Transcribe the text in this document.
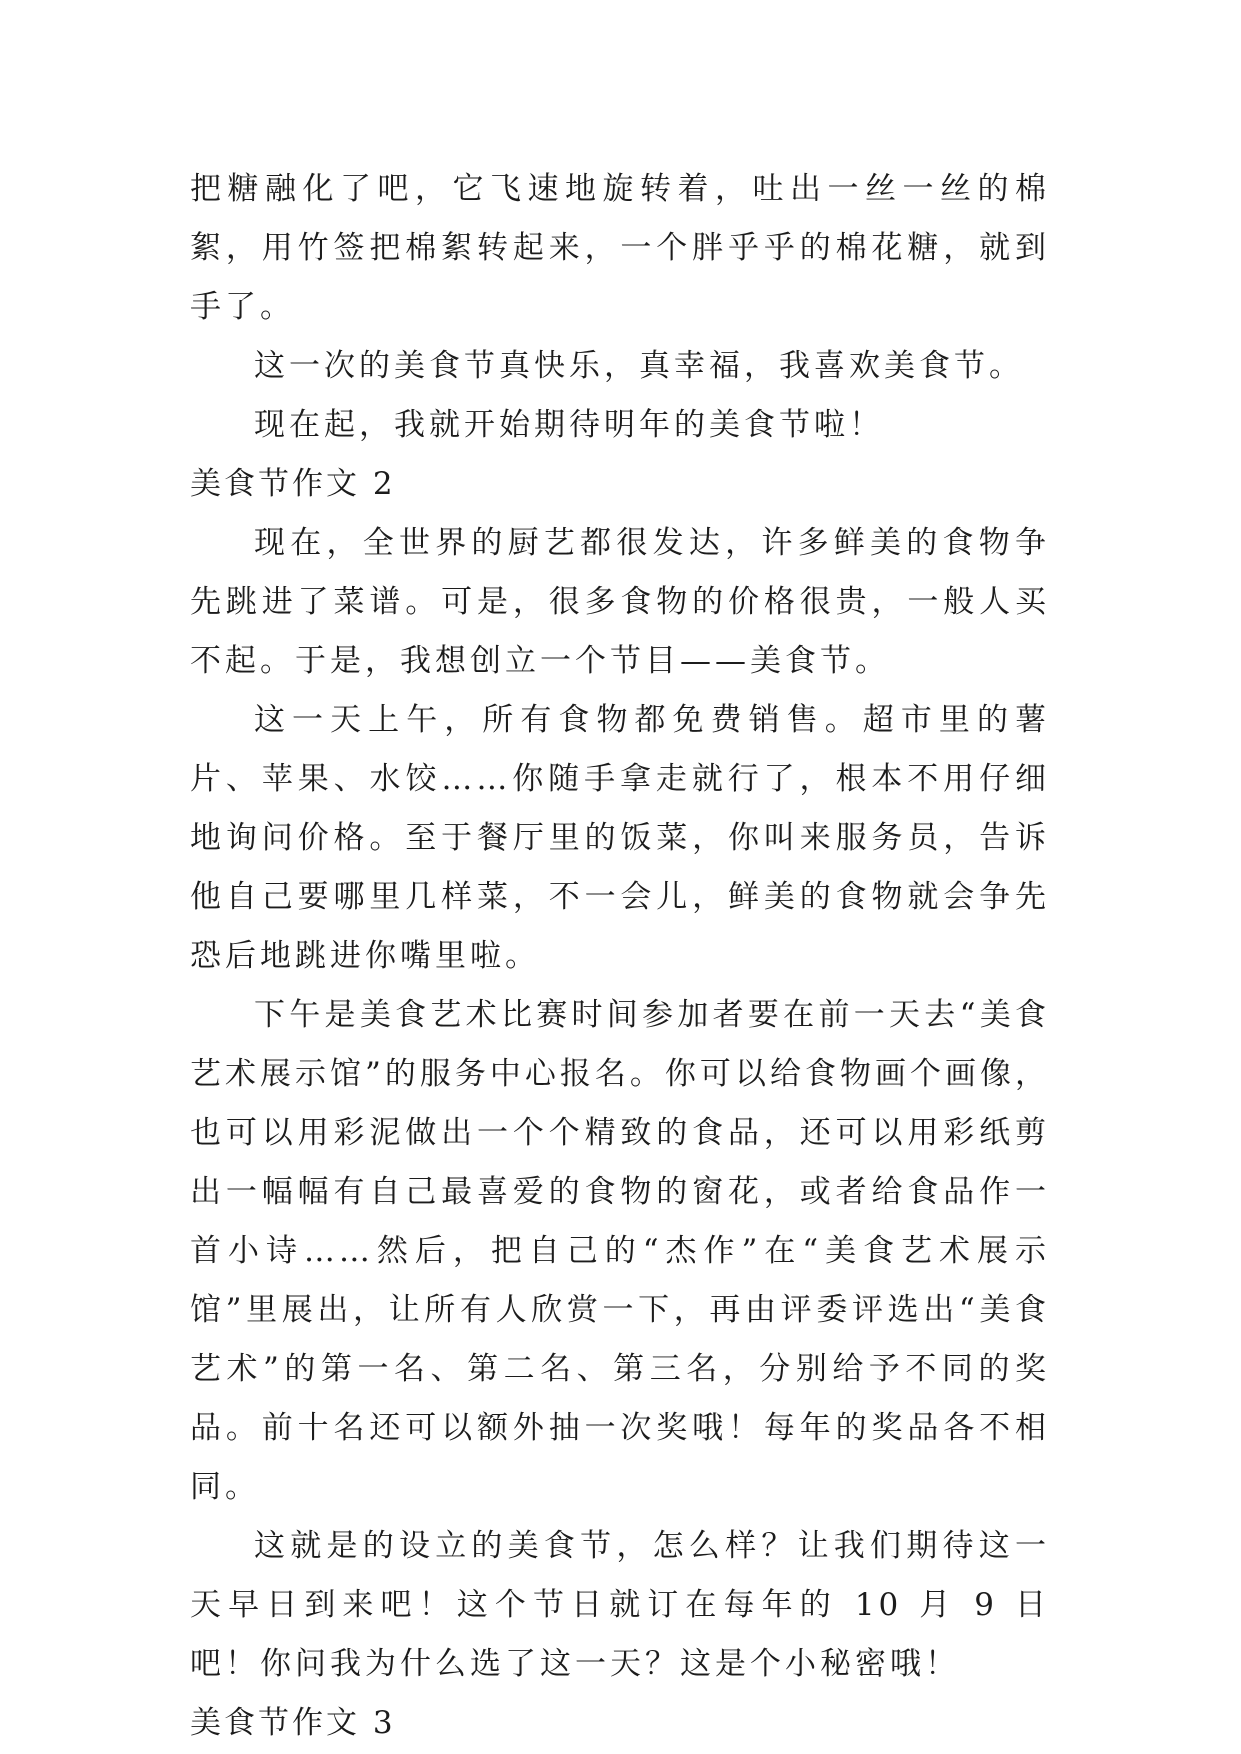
把糖融化了吧，它飞速地旋转着，吐出一丝一丝的棉絮，用竹签把棉絮转起来，一个胖乎乎的棉花糖，就到手了。

这一次的美食节真快乐，真幸福，我喜欢美食节。

现在起，我就开始期待明年的美食节啦！

美食节作文 2

现在，全世界的厨艺都很发达，许多鲜美的食物争先跳进了菜谱。可是，很多食物的价格很贵，一般人买不起。于是，我想创立一个节目——美食节。

这一天上午，所有食物都免费销售。超市里的薯片、苹果、水饺……你随手拿走就行了，根本不用仔细地询问价格。至于餐厅里的饭菜，你叫来服务员，告诉他自己要哪里几样菜，不一会儿，鲜美的食物就会争先恐后地跳进你嘴里啦。

下午是美食艺术比赛时间参加者要在前一天去“美食艺术展示馆”的服务中心报名。你可以给食物画个画像，也可以用彩泥做出一个个精致的食品，还可以用彩纸剪出一幅幅有自己最喜爱的食物的窗花，或者给食品作一首小诗……然后，把自己的“杰作”在“美食艺术展示馆”里展出，让所有人欣赏一下，再由评委评选出“美食艺术”的第一名、第二名、第三名，分别给予不同的奖品。前十名还可以额外抽一次奖哦！每年的奖品各不相同。

这就是的设立的美食节，怎么样？让我们期待这一天早日到来吧！这个节日就订在每年的 10 月 9 日吧！你问我为什么选了这一天？这是个小秘密哦！

美食节作文 3
